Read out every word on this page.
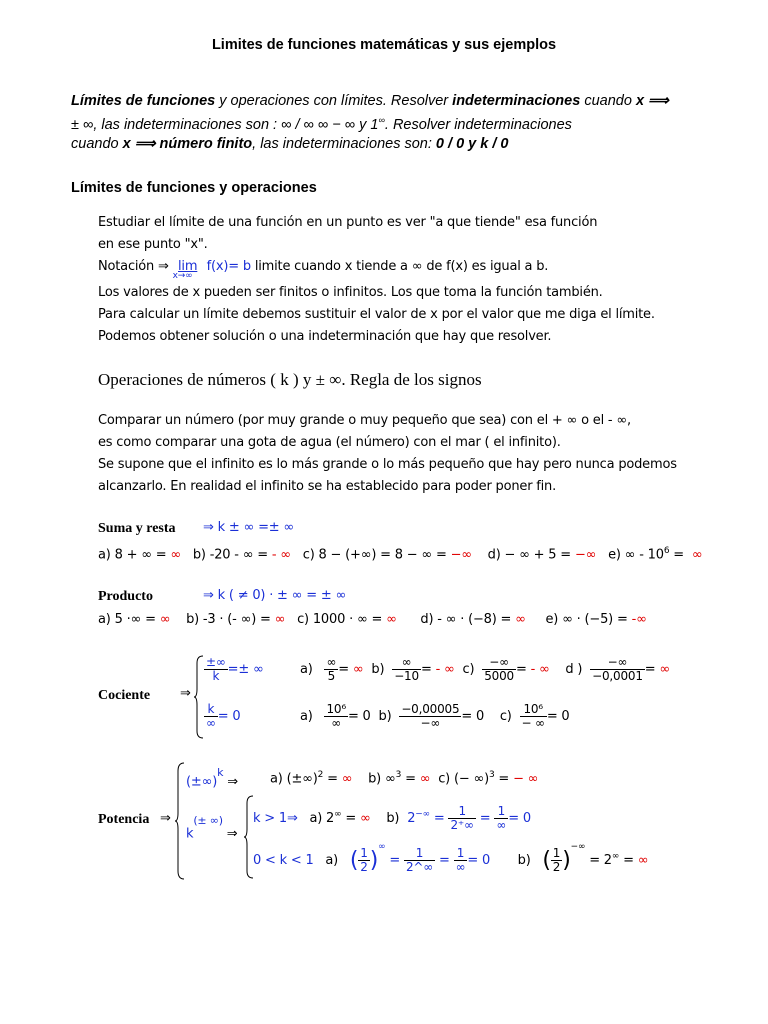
Limites de funciones matemáticas y sus ejemplos
Límites de funciones y operaciones con límites. Resolver indeterminaciones cuando x ⟹
± ∞, las indeterminaciones son : ∞ / ∞ ∞ − ∞ y 1∞. Resolver indeterminaciones
cuando x ⟹ número finito, las indeterminaciones son: 0 / 0 y k / 0
Límites de funciones y operaciones
Estudiar el límite de una función en un punto es ver "a que tiende" esa función
en ese punto "x".
Notación ⇒ lim
x→∞
f(x)= b limite cuando x tiende a ∞ de f(x) es igual a b.
Los valores de x pueden ser finitos o infinitos. Los que toma la función también.
Para calcular un límite debemos sustituir el valor de x por el valor que me diga el límite.
Podemos obtener solución o una indeterminación que hay que resolver.
Operaciones de números ( k ) y ± ∞. Regla de los signos
Comparar un número (por muy grande o muy pequeño que sea) con el + ∞ o el - ∞,
es como comparar una gota de agua (el número) con el mar ( el infinito).
Se supone que el infinito es lo más grande o lo más pequeño que hay pero nunca podemos
alcanzarlo. En realidad el infinito se ha establecido para poder poner fin.
Suma y resta ⇒ k ± ∞ =± ∞
a) 8 + ∞ = ∞ b) -20 - ∞ = - ∞ c) 8 − (+∞) = 8 − ∞ = −∞ d) − ∞ + 5 = −∞ e) ∞ - $10^6$ =  ∞
Producto	⇒ k ( ≠ 0) · ± ∞ = ± ∞
a) 5 ·∞ = ∞ b) -3 · (- ∞) = ∞ c) 1000 · ∞ = ∞ d) - ∞ · (−8) = ∞ e) ∞ · (−5) = -∞
Cociente ⇒
$\frac{\pm\infty}{k}$ =± ∞	$a) \frac{\infty}{5}$ = ∞ $b) \frac{\infty}{-10}$ = - ∞ $c) \frac{-\infty}{5000}$ = - ∞ d ) $\frac{-\infty}{-0,0001}$ = ∞
$\frac{k}{\infty} = 0$	$a) \frac{\text{10⁶}}{\infty} = 0$ $b) \frac{-0,00005}{-\infty} = 0$ $c) \frac{\text{10⁶}}{- \infty} = 0$
Potencia ⇒
(±∞)$^k$ ⇒ a) (±∞)$^2$ = ∞ b) ∞$^3$ = ∞ c) (− ∞)$^3$ = − ∞
k(± ∞) ⇒
k > 1⇒ a) 2∞ = ∞ b) $2^{-\infty} = \frac{1}{2^+\infty} = \frac{1}{\infty} = 0$
0 < k < 1 a) ( $\frac{1}{2} )^\infty = \frac{1}{2\^{}\infty} = \frac{1}{\infty} = 0$ b) ( $\frac{1}{2} )^{-\infty} = 2^\infty$ = ∞
